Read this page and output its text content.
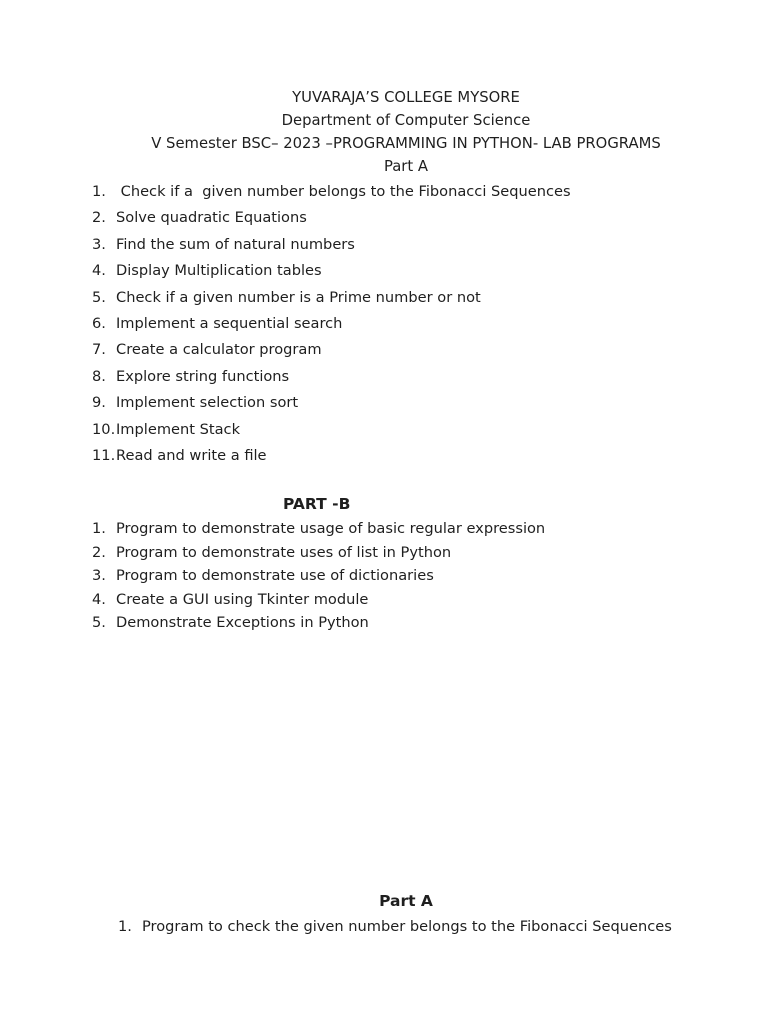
YUVARAJA’S COLLEGE MYSORE
Department of Computer Science
V Semester BSC– 2023 –PROGRAMMING IN PYTHON- LAB PROGRAMS
Part A
1. Check if a  given number belongs to the Fibonacci Sequences
2. Solve quadratic Equations
3. Find the sum of natural numbers
4. Display Multiplication tables
5. Check if a given number is a Prime number or not
6. Implement a sequential search
7. Create a calculator program
8. Explore string functions
9. Implement selection sort
10. Implement Stack
11. Read and write a file
PART -B
1. Program to demonstrate usage of basic regular expression
2. Program to demonstrate uses of list in Python
3. Program to demonstrate use of dictionaries
4. Create a GUI using Tkinter module
5. Demonstrate Exceptions in Python
Part A
1. Program to check the given number belongs to the Fibonacci Sequences
